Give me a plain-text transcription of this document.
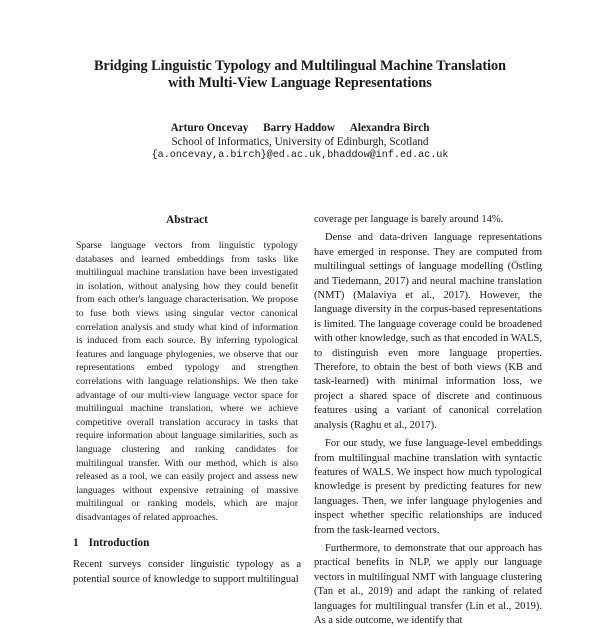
Bridging Linguistic Typology and Multilingual Machine Translation
with Multi-View Language Representations
Arturo Oncevay Barry Haddow Alexandra Birch
School of Informatics, University of Edinburgh, Scotland
{a.oncevay,a.birch}@ed.ac.uk,bhaddow@inf.ed.ac.uk
Abstract

Sparse language vectors from linguistic typology databases and learned embeddings from tasks like multilingual machine translation have been investigated in isolation, without analysing how they could benefit from each other's language characterisation. We propose to fuse both views using singular vector canonical correlation analysis and study what kind of information is induced from each source. By inferring typological features and language phylogenies, we observe that our representations embed typology and strengthen correlations with language relationships. We then take advantage of our multi-view language vector space for multilingual machine translation, where we achieve competitive overall translation accuracy in tasks that require information about language similarities, such as language clustering and ranking candidates for multilingual transfer. With our method, which is also released as a tool, we can easily project and assess new languages without expensive retraining of massive multilingual or ranking models, which are major disadvantages of related approaches.

1 Introduction

Recent surveys consider linguistic typology as a potential source of knowledge to support multilingual

coverage per language is barely around 14%.

Dense and data-driven language representations have emerged in response. They are computed from multilingual settings of language modelling (Östling and Tiedemann, 2017) and neural machine translation (NMT) (Malaviya et al., 2017). However, the language diversity in the corpus-based representations is limited. The language coverage could be broadened with other knowledge, such as that encoded in WALS, to distinguish even more language properties. Therefore, to obtain the best of both views (KB and task-learned) with minimal information loss, we project a shared space of discrete and continuous features using a variant of canonical correlation analysis (Raghu et al., 2017).

For our study, we fuse language-level embeddings from multilingual machine translation with syntactic features of WALS. We inspect how much typological knowledge is present by predicting features for new languages. Then, we infer language phylogenies and inspect whether specific relationships are induced from the task-learned vectors.

Furthermore, to demonstrate that our approach has practical benefits in NLP, we apply our language vectors in multilingual NMT with language clustering (Tan et al., 2019) and adapt the ranking of related languages for multilingual transfer (Lin et al., 2019). As a side outcome, we identify that
